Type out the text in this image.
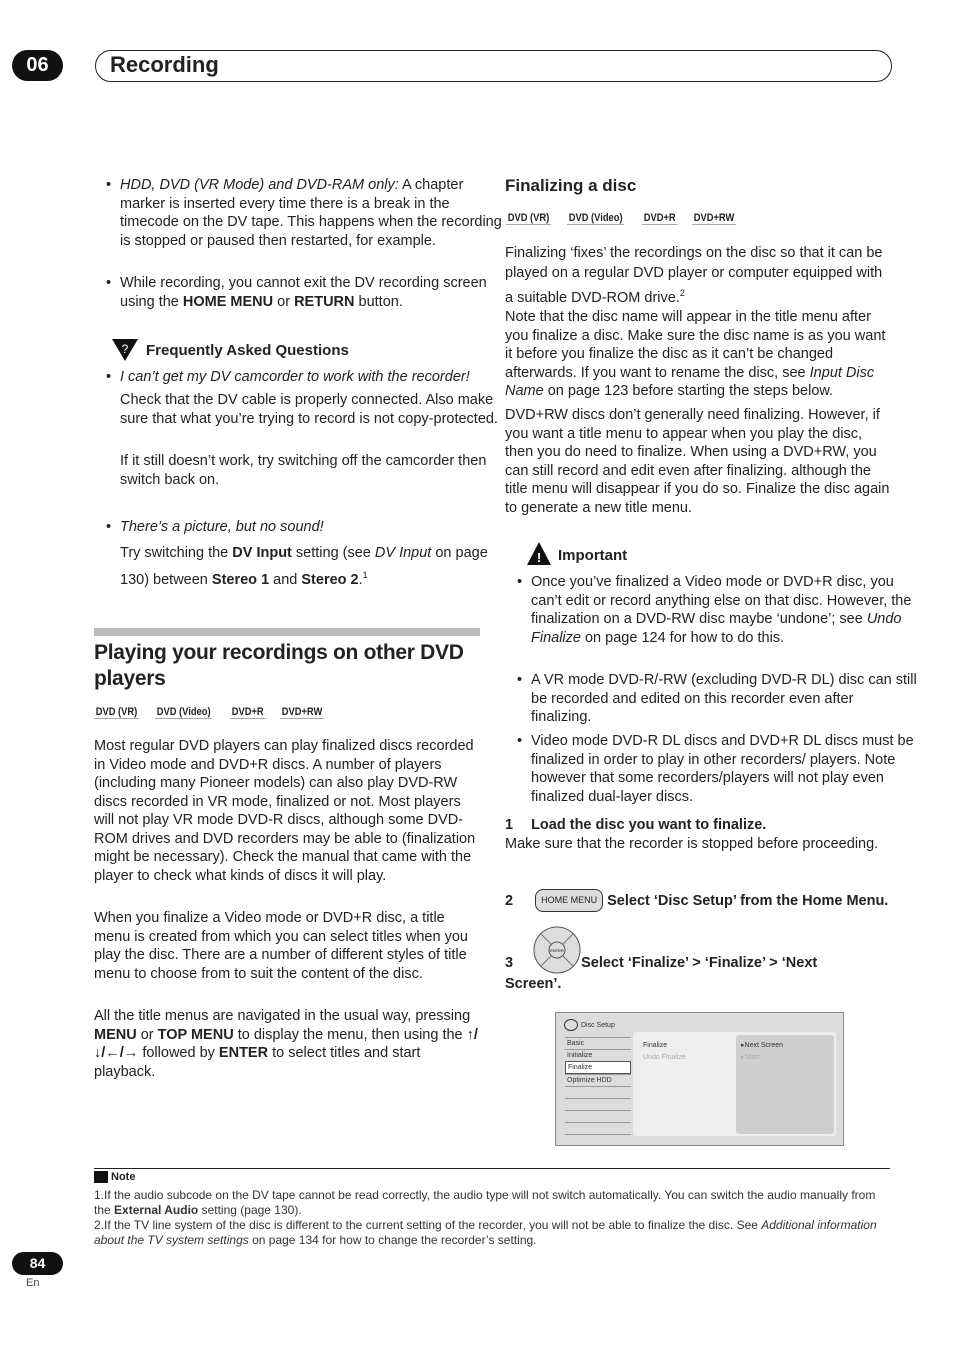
06	Recording
• HDD, DVD (VR Mode) and DVD-RAM only: A chapter marker is inserted every time there is a break in the timecode on the DV tape. This happens when the recording is stopped or paused then restarted, for example.
• While recording, you cannot exit the DV recording screen using the HOME MENU or RETURN button.
? Frequently Asked Questions
• I can’t get my DV camcorder to work with the recorder!
Check that the DV cable is properly connected. Also make sure that what you’re trying to record is not copy-protected.
If it still doesn’t work, try switching off the camcorder then switch back on.
• There’s a picture, but no sound!
Try switching the DV Input setting (see DV Input on page 130) between Stereo 1 and Stereo 2.$^1$
Playing your recordings on other DVD players
DVD (VR) DVD (Video) DVD+R DVD+RW
Most regular DVD players can play finalized discs recorded in Video mode and DVD+R discs. A number of players (including many Pioneer models) can also play DVD-RW discs recorded in VR mode, finalized or not. Most players will not play VR mode DVD-R discs, although some DVD-ROM drives and DVD recorders may be able to (finalization might be necessary). Check the manual that came with the player to check what kinds of discs it will play.
When you finalize a Video mode or DVD+R disc, a title menu is created from which you can select titles when you play the disc. There are a number of different styles of title menu to choose from to suit the content of the disc.
All the title menus are navigated in the usual way, pressing MENU or TOP MENU to display the menu, then using the ↑/↓/←/→ followed by ENTER to select titles and start playback.
Finalizing a disc
DVD (VR) DVD (Video) DVD+R DVD+RW
Finalizing ‘fixes’ the recordings on the disc so that it can be played on a regular DVD player or computer equipped with a suitable DVD-ROM drive.$^2$
Note that the disc name will appear in the title menu after you finalize a disc. Make sure the disc name is as you want it before you finalize the disc as it can’t be changed afterwards. If you want to rename the disc, see Input Disc Name on page 123 before starting the steps below.
DVD+RW discs don’t generally need finalizing. However, if you want a title menu to appear when you play the disc, then you do need to finalize. When using a DVD+RW, you can still record and edit even after finalizing. although the title menu will disappear if you do so. Finalize the disc again to generate a new title menu.
! Important
• Once you’ve finalized a Video mode or DVD+R disc, you can’t edit or record anything else on that disc. However, the finalization on a DVD-RW disc maybe ‘undone’; see Undo Finalize on page 124 for how to do this.
• A VR mode DVD-R/-RW (excluding DVD-R DL) disc can still be recorded and edited on this recorder even after finalizing.
• Video mode DVD-R DL discs and DVD+R DL discs must be finalized in order to play in other recorders/ players. Note however that some recorders/players will not play even finalized dual-layer discs.
1 Load the disc you want to finalize.
Make sure that the recorder is stopped before proceeding.
2	HOME MENU Select ‘Disc Setup’ from the Home Menu.
3	Select ‘Finalize’ > ‘Finalize’ > ‘Next Screen’.
ENTER
Disc Setup
Basic
Initialize
Finalize
Optimize HDD
Finalize
Undo Finalize
▸Next Screen
▸Start
Note
1.If the audio subcode on the DV tape cannot be read correctly, the audio type will not switch automatically. You can switch the audio manually from the External Audio setting (page 130).
2.If the TV line system of the disc is different to the current setting of the recorder, you will not be able to finalize the disc. See Additional information about the TV system settings on page 134 for how to change the recorder’s setting.
84
En
